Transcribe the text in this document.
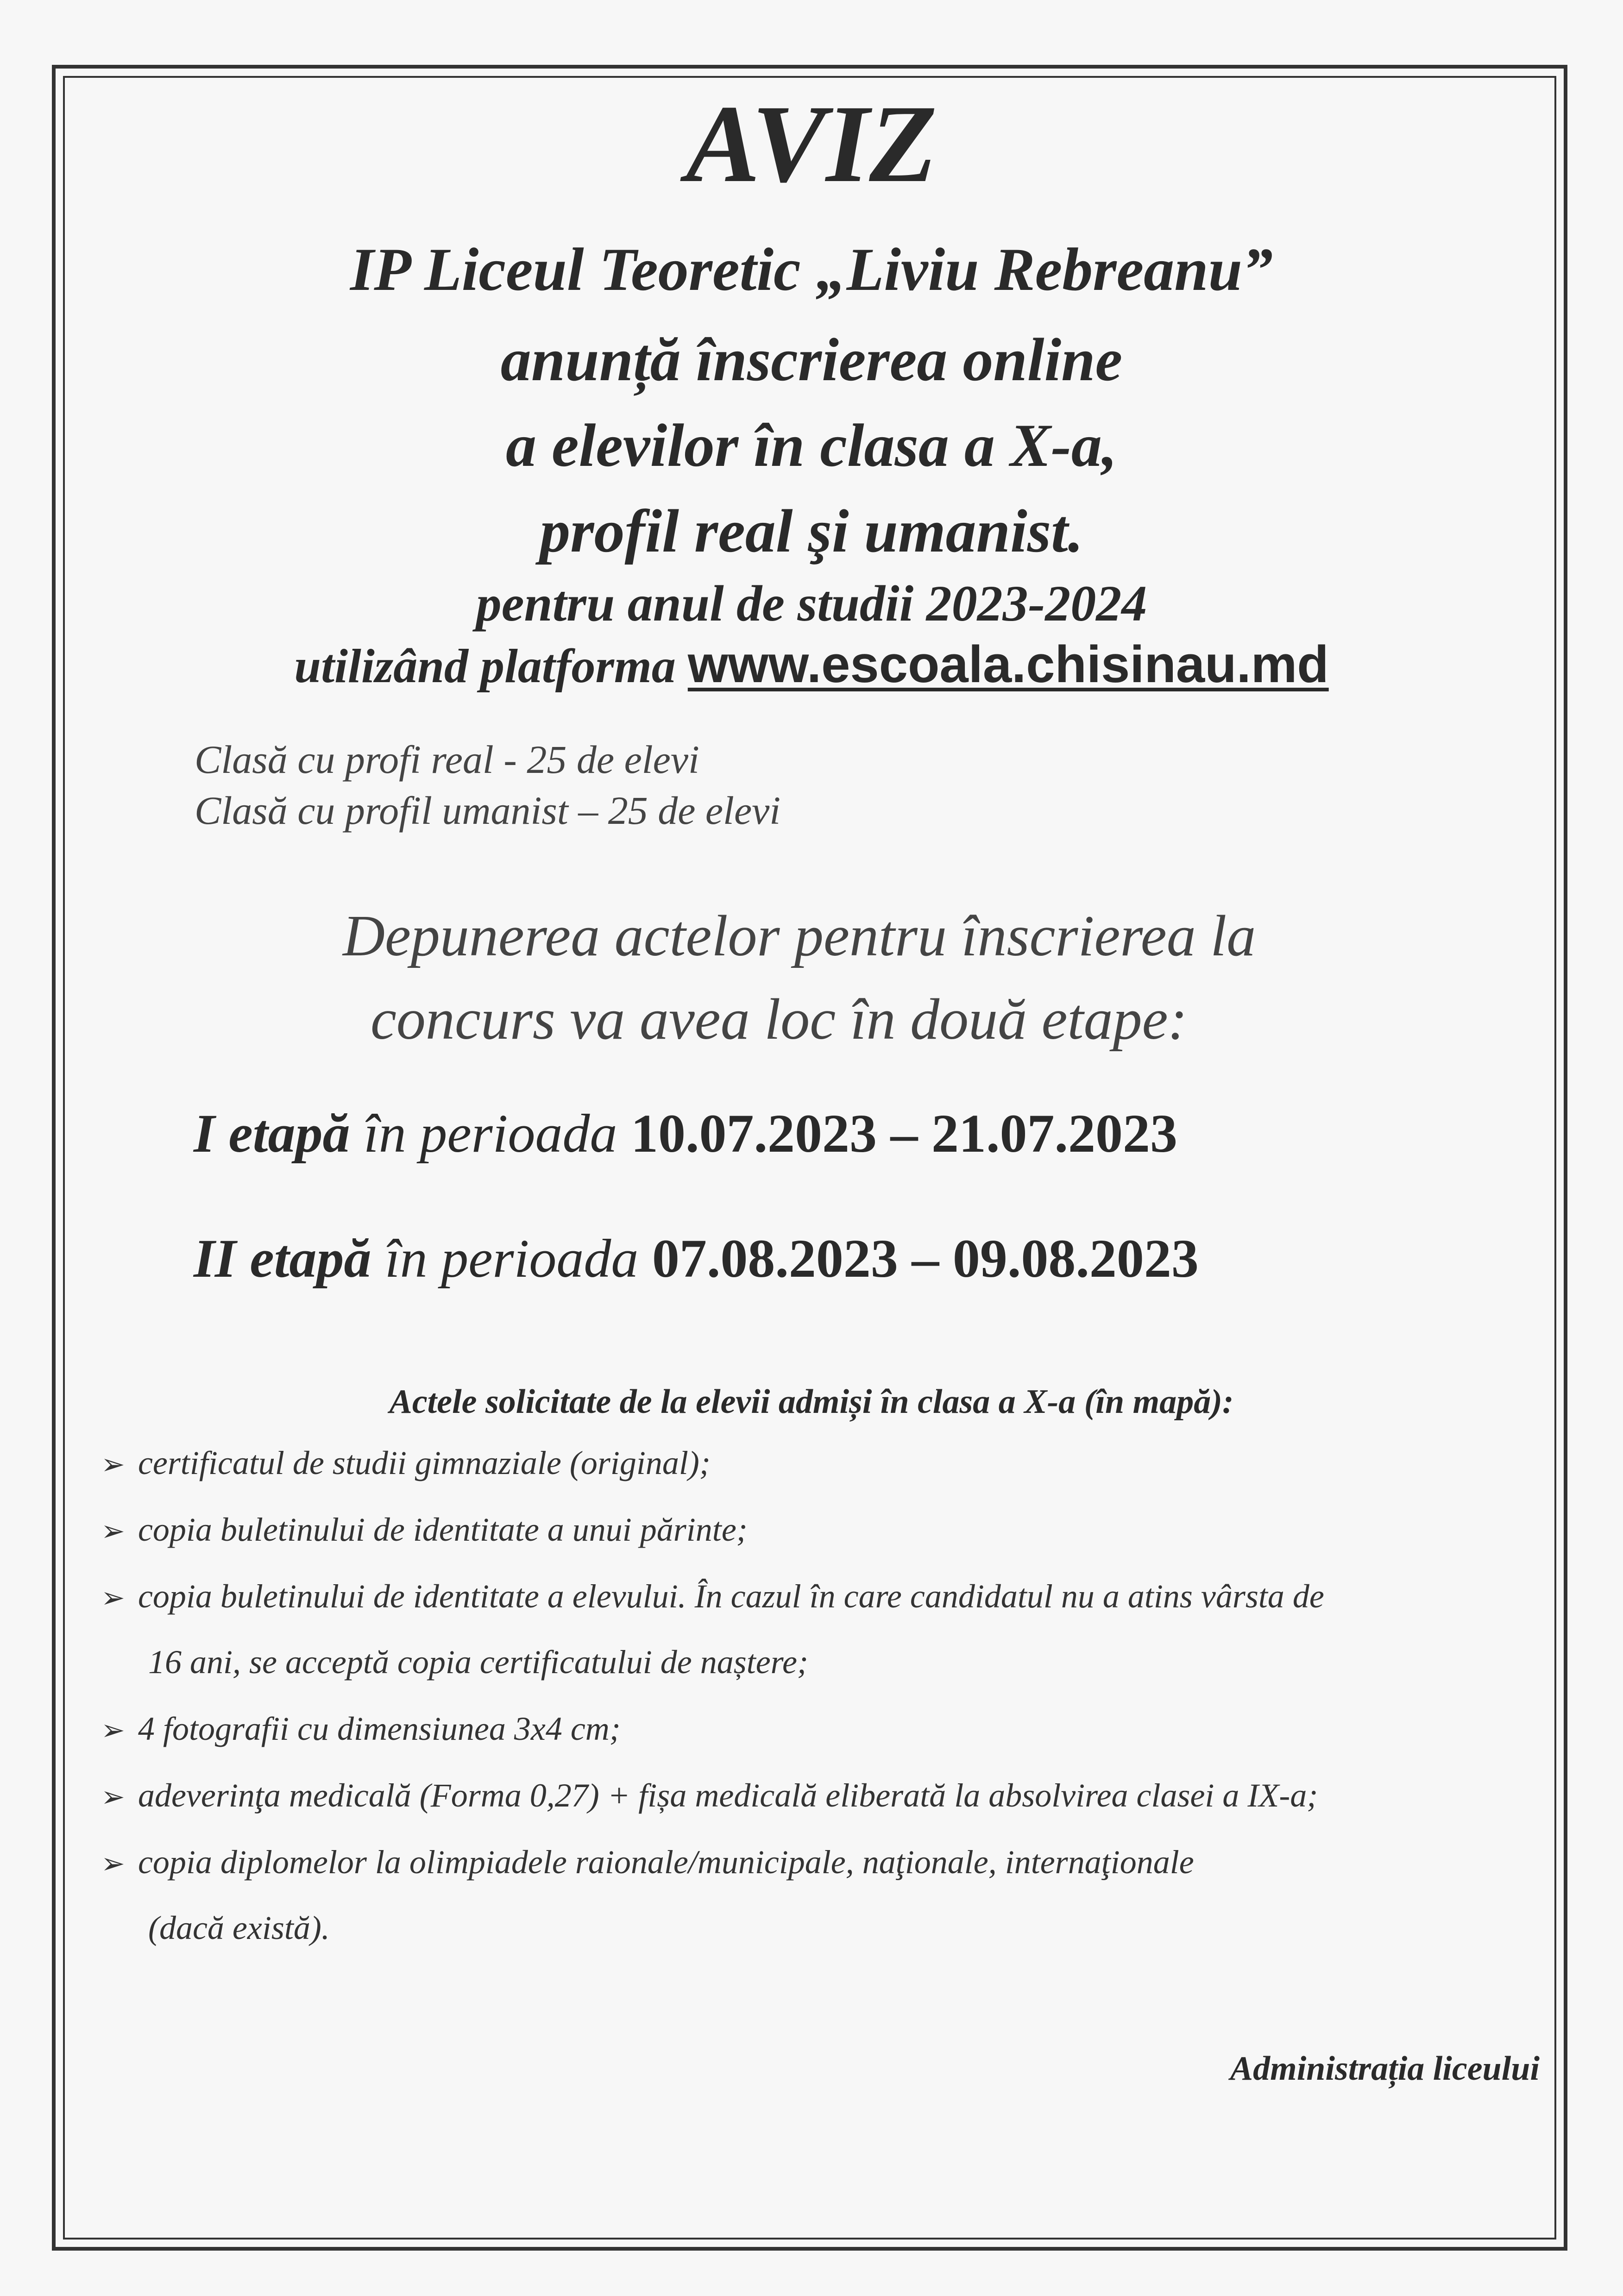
AVIZ
IP Liceul Teoretic „Liviu Rebreanu”
anunță înscrierea online
a elevilor în clasa a X-a,
profil real şi umanist.
pentru anul de studii 2023-2024
utilizând platforma www.escoala.chisinau.md
Clasă cu profi real - 25 de elevi
Clasă cu profil umanist – 25 de elevi
Depunerea actelor pentru înscrierea la
concurs va avea loc în două etape:
I etapă în perioada 10.07.2023 – 21.07.2023
II etapă în perioada 07.08.2023 – 09.08.2023
Actele solicitate de la elevii admiși în clasa a X-a (în mapă):
➢ certificatul de studii gimnaziale (original);
➢ copia buletinului de identitate a unui părinte;
➢ copia buletinului de identitate a elevului. În cazul în care candidatul nu a atins vârsta de
16 ani, se acceptă copia certificatului de naștere;
➢ 4 fotografii cu dimensiunea 3x4 cm;
➢ adeverinţa medicală (Forma 0,27) + fișa medicală eliberată la absolvirea clasei a IX-a;
➢ copia diplomelor la olimpiadele raionale/municipale, naţionale, internaţionale
(dacă există).
Administrația liceului
